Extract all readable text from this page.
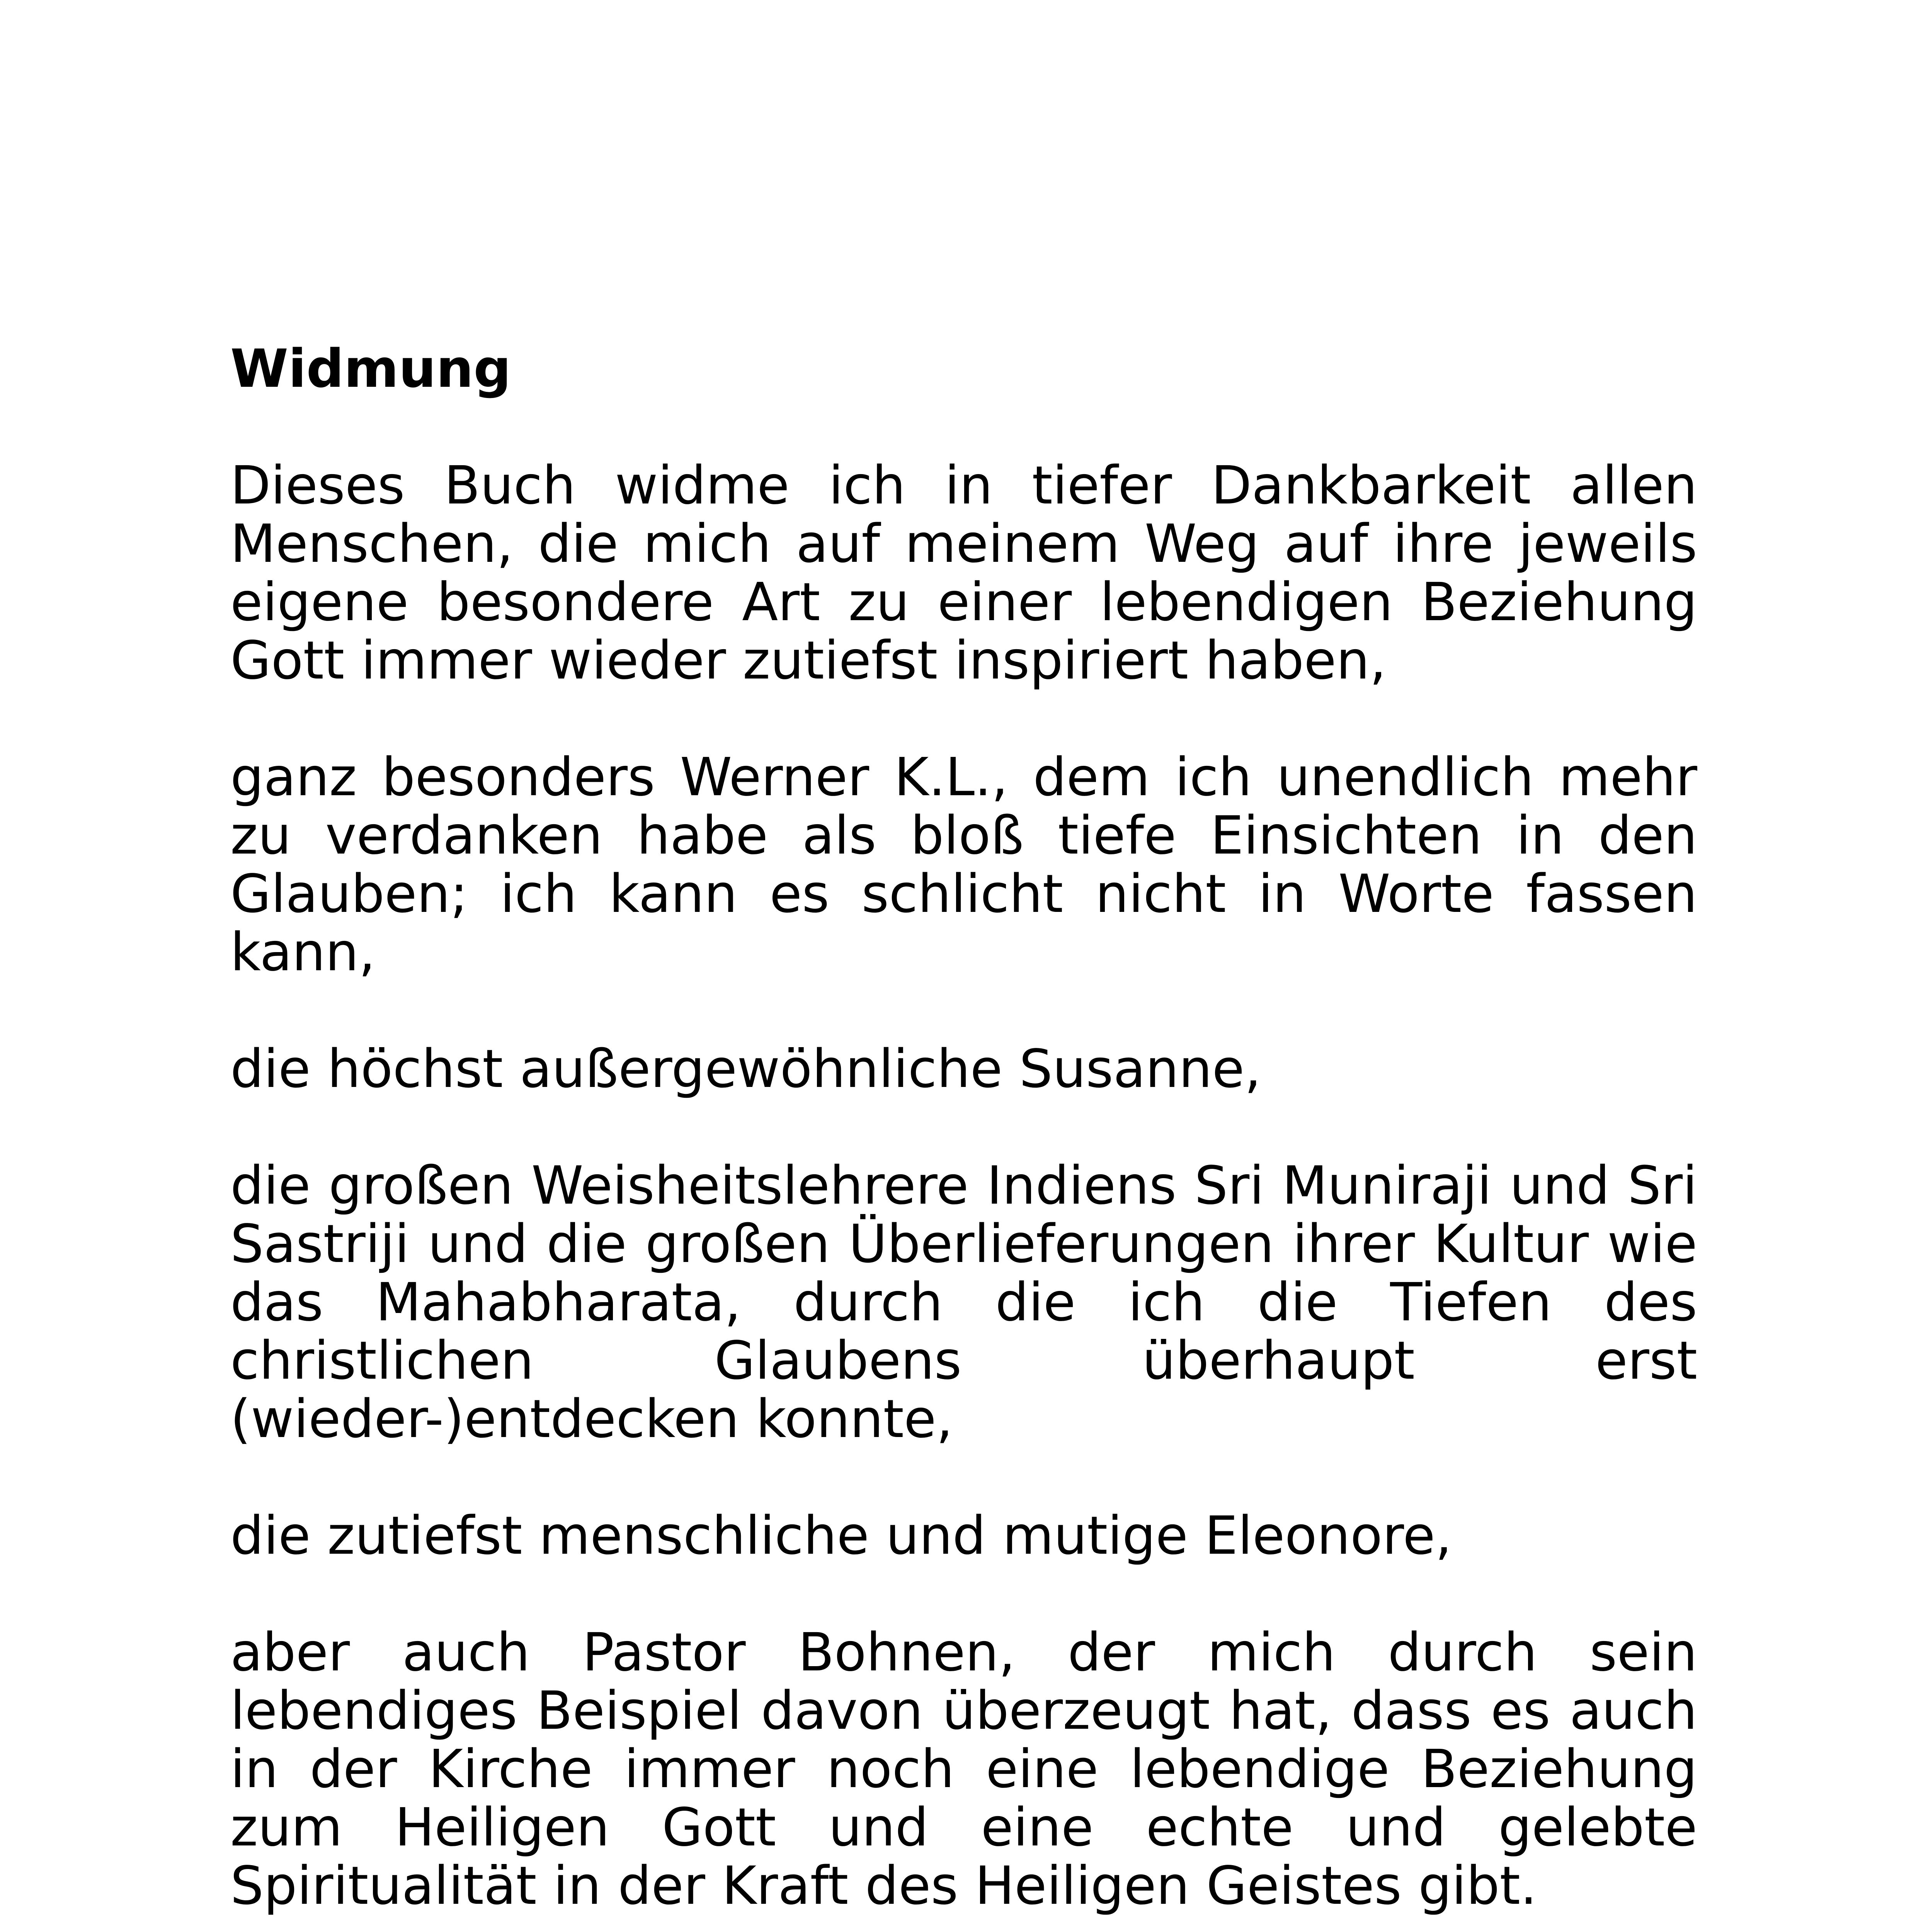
Widmung

Dieses Buch widme ich in tiefer Dankbarkeit allen Menschen, die mich auf meinem Weg auf ihre jeweils eigene besondere Art zu einer lebendigen Beziehung Gott immer wieder zutiefst inspiriert haben,

ganz besonders Werner K.L., dem ich unendlich mehr zu verdanken habe als bloß tiefe Einsichten in den Glauben; ich kann es schlicht nicht in Worte fassen kann,

die höchst außergewöhnliche Susanne,

die großen Weisheitslehrere Indiens Sri Muniraji und Sri Sastriji und die großen Überlieferungen ihrer Kultur wie das Mahabharata, durch die ich die Tiefen des christlichen Glaubens überhaupt erst (wieder-)entdecken konnte,

die zutiefst menschliche und mutige Eleonore,

aber auch Pastor Bohnen, der mich durch sein lebendiges Beispiel davon überzeugt hat, dass es auch in der Kirche immer noch eine lebendige Beziehung zum Heiligen Gott und eine echte und gelebte Spiritualität in der Kraft des Heiligen Geistes gibt.
